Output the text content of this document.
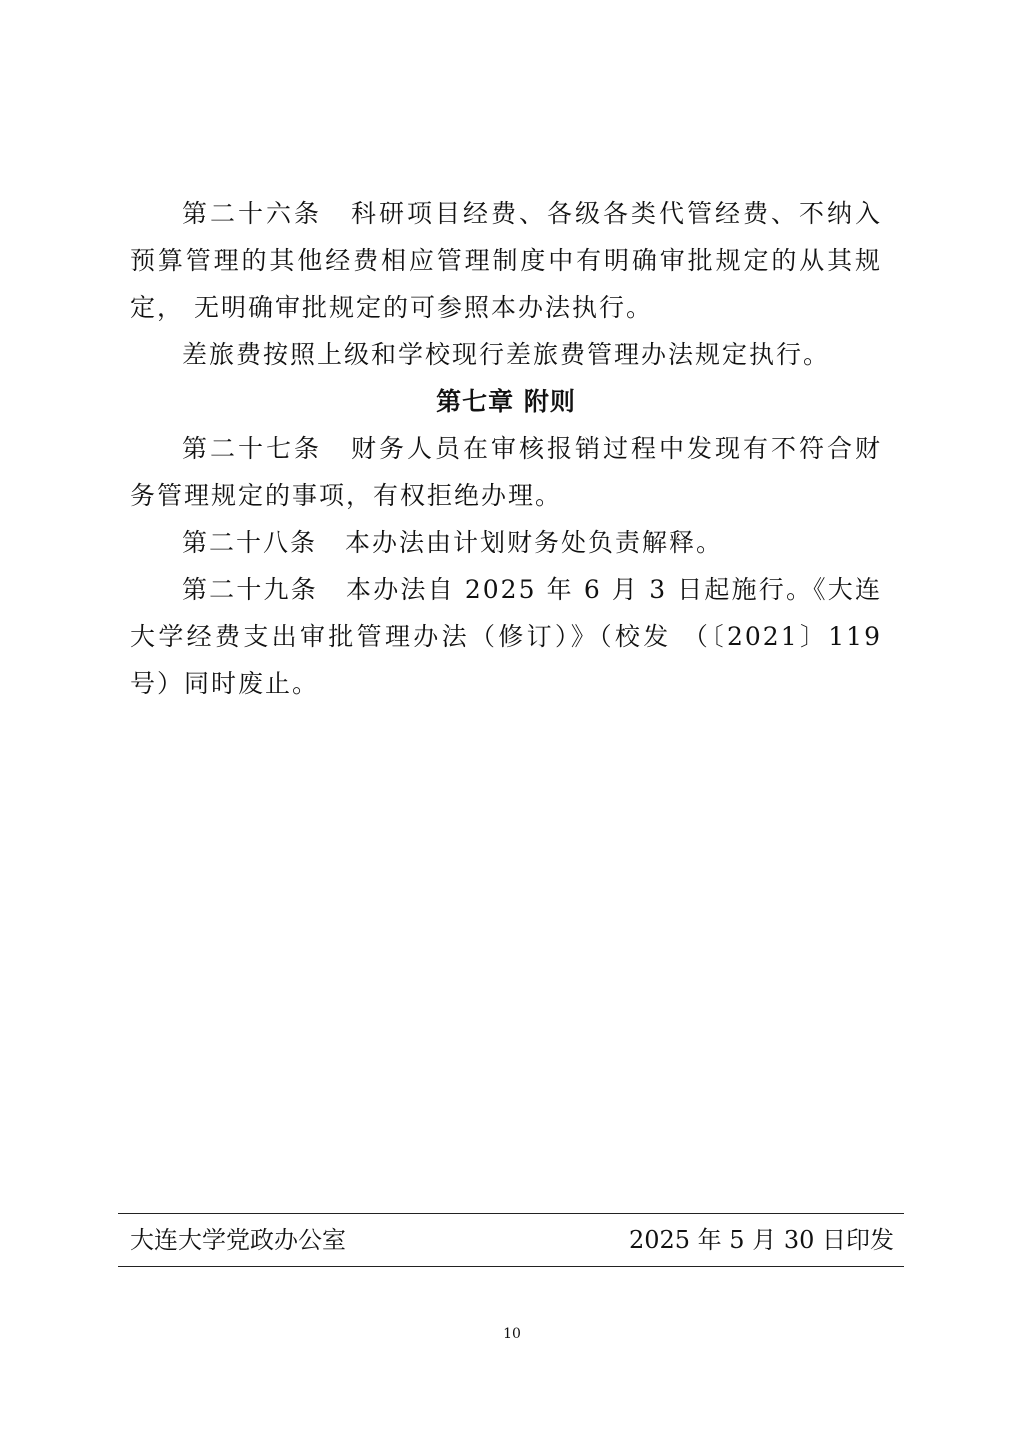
第二十六条 科研项目经费、各级各类代管经费、不纳入预算管理的其他经费相应管理制度中有明确审批规定的从其规定， 无明确审批规定的可参照本办法执行。

差旅费按照上级和学校现行差旅费管理办法规定执行。

第七章 附则

第二十七条 财务人员在审核报销过程中发现有不符合财务管理规定的事项，有权拒绝办理。

第二十八条 本办法由计划财务处负责解释。

第二十九条 本办法自 2025 年 6 月 3 日起施行。《大连大学经费支出审批管理办法（修订）》（校发 （〔2021〕119 号）同时废止。

大连大学党政办公室	2025 年 5 月 30 日印发
10
